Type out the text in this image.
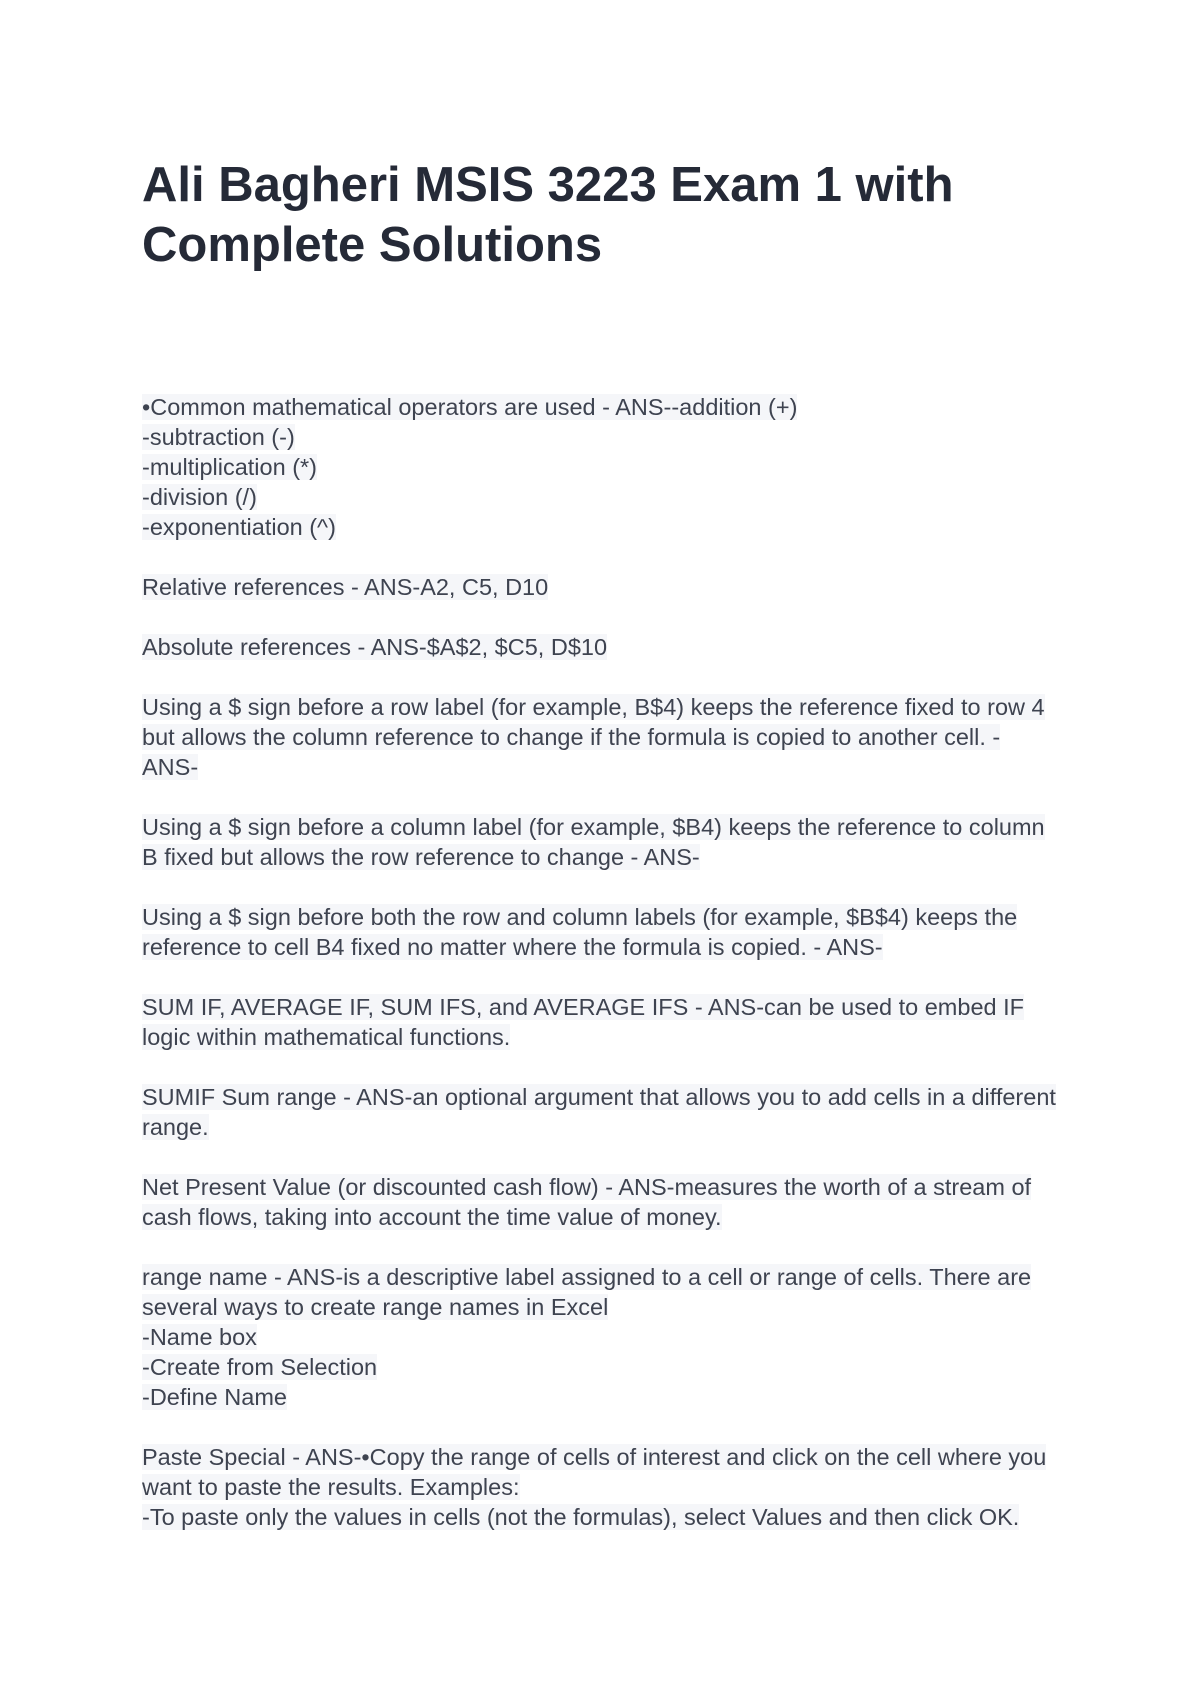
Ali Bagheri MSIS 3223 Exam 1 with
Complete Solutions
•Common mathematical operators are used - ANS--addition (+)
-subtraction (-)
-multiplication (*)
-division (/)
-exponentiation (^)
Relative references - ANS-A2, C5, D10
Absolute references - ANS-$A$2, $C5, D$10
Using a $ sign before a row label (for example, B$4) keeps the reference fixed to row 4
but allows the column reference to change if the formula is copied to another cell. -
ANS-
Using a $ sign before a column label (for example, $B4) keeps the reference to column
B fixed but allows the row reference to change - ANS-
Using a $ sign before both the row and column labels (for example, $B$4) keeps the
reference to cell B4 fixed no matter where the formula is copied. - ANS-
SUM IF, AVERAGE IF, SUM IFS, and AVERAGE IFS - ANS-can be used to embed IF
logic within mathematical functions.
SUMIF Sum range - ANS-an optional argument that allows you to add cells in a different
range.
Net Present Value (or discounted cash flow) - ANS-measures the worth of a stream of
cash flows, taking into account the time value of money.
range name - ANS-is a descriptive label assigned to a cell or range of cells. There are
several ways to create range names in Excel
-Name box
-Create from Selection
-Define Name
Paste Special - ANS-•Copy the range of cells of interest and click on the cell where you
want to paste the results. Examples:
-To paste only the values in cells (not the formulas), select Values and then click OK.
